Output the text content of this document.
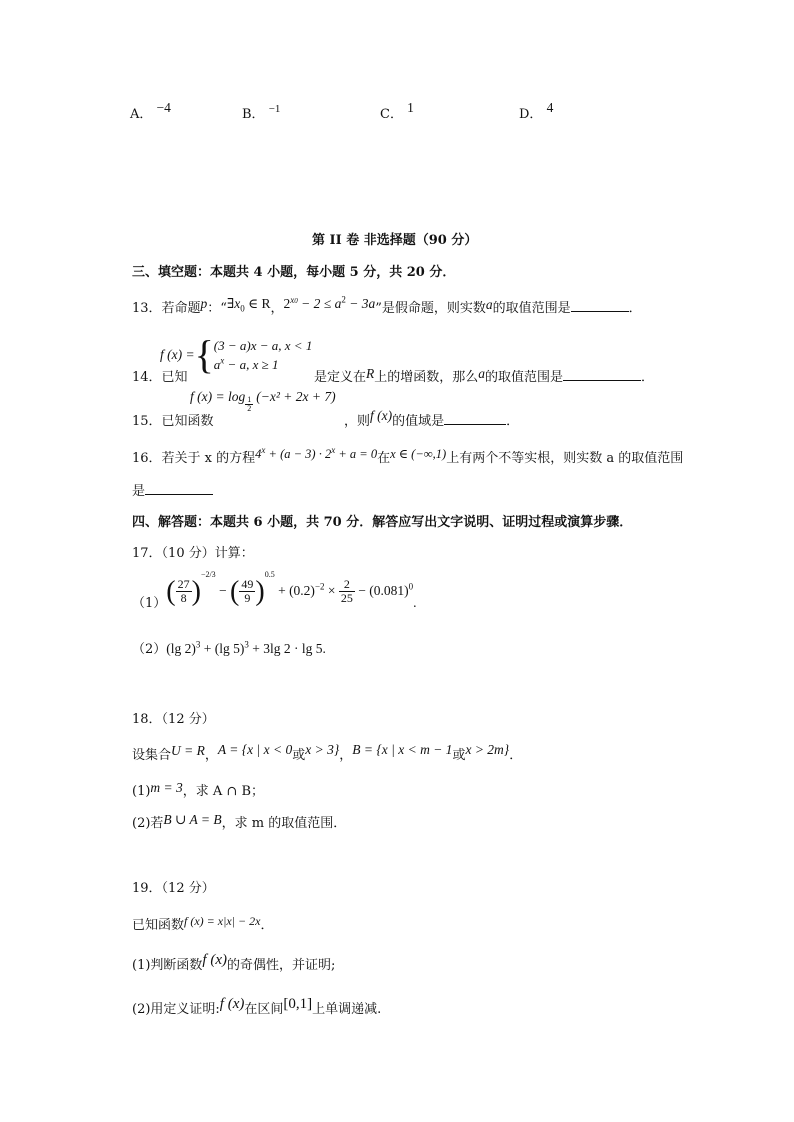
A． −4	B． $^{-1}$	C． 1	D． 4
第 II 卷 非选择题（90 分）
三、填空题：本题共 4 小题，每小题 5 分，共 20 分．
13．若命题p：“$\exists x_0$ ∈ R，$2^{x0} - 2 \le a^2 - 3a$”是假命题，则实数a的取值范围是	．
f (x) ={ (3 − a)x − a, x < 1
$a^x - a$, x ≥ 1
14．已知	是定义在R上的增函数，那么a的取值范围是	．
15．已知函数
f $(x) = \log \frac{1}{2} (-x^2 + 2x + 7)$
，则f (x)的值域是	．
16．若关于 x 的方程$4^x + (a - 3) \cdot 2^x + a = 0$在x ∈ (−∞,1)上有两个不等实根，则实数 a 的取值范围
是
四、解答题：本题共 6 小题，共 70 分．解答应写出文字说明、证明过程或演算步骤．
17．（10 分）计算：
$(1)( \frac{27}{8} )^{-2/3}$ − ( $\frac{49}{9} )^{0.5} + (0.2)^{-2} \times \frac{2}{25} - (0.081)^0$.
（2）(lg 2)$^3$ + (lg 5)$^3$ + 3lg 2 · lg 5.
18．（12 分）
设集合U = R，A = {x | x < 0或x > 3}，B = {x | x < m − 1或x > 2m}．
(1)m = 3，求 A ∩ B；
(2)若B ∪ A = B，求 m 的取值范围．
19．（12 分）
已知函数f (x) = x|x| − 2x．
(1)判断函数f (x)的奇偶性，并证明;
(2)用定义证明:f (x)在区间[0,1]上单调递减.
